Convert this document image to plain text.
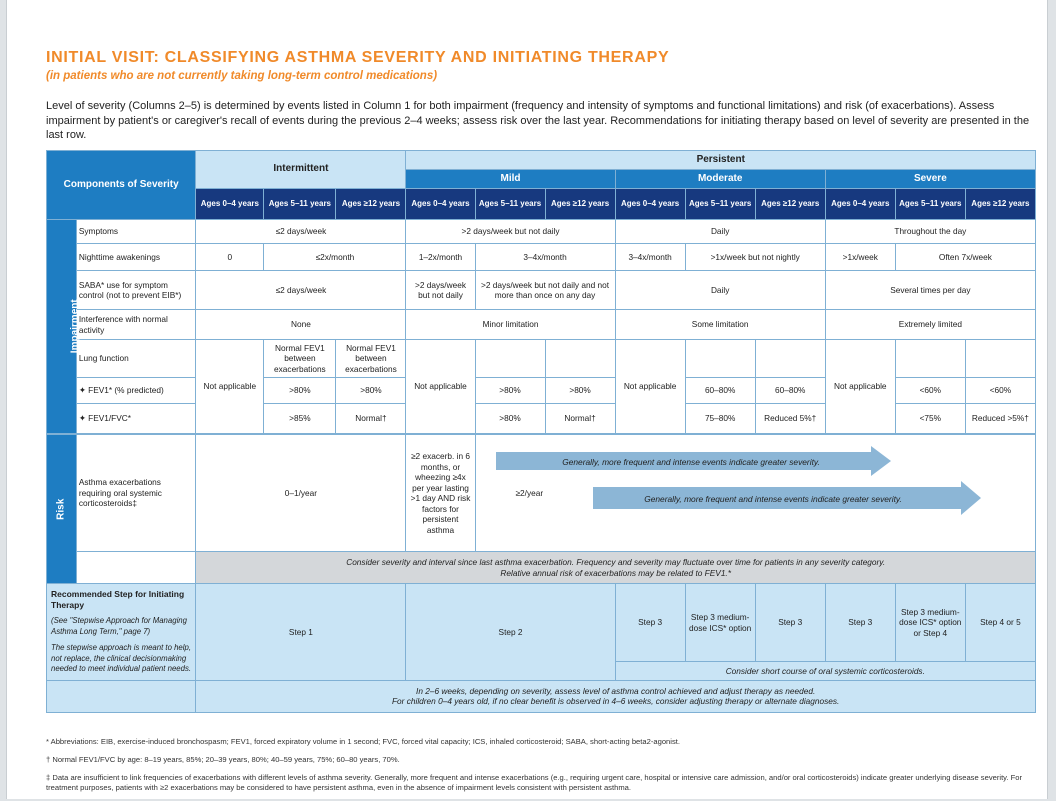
INITIAL VISIT: CLASSIFYING ASTHMA SEVERITY AND INITIATING THERAPY
(in patients who are not currently taking long-term control medications)
Level of severity (Columns 2–5) is determined by events listed in Column 1 for both impairment (frequency and intensity of symptoms and functional limitations) and risk (of exacerbations). Assess impairment by patient's or caregiver's recall of events during the previous 2–4 weeks; assess risk over the last year. Recommendations for initiating therapy based on level of severity are presented in the last row.
Components of Severity		Intermittent			Persistent								
					Mild			Moderate			Severe		
		Ages 0–4 years	Ages 5–11 years	Ages ≥12 years	Ages 0–4 years	Ages 5–11 years	Ages ≥12 years	Ages 0–4 years	Ages 5–11 years	Ages ≥12 years	Ages 0–4 years	Ages 5–11 years	Ages ≥12 years
Impairment	Symptoms	≤2 days/week			>2 days/week but not daily			Daily			Throughout the day		
	Nighttime awakenings	0	≤2x/month		1–2x/month	3–4x/month		3–4x/month	>1x/week but not nightly		>1x/week	Often 7x/week	
	SABA* use for symptom control (not to prevent EIB*)	≤2 days/week			>2 days/week but not daily	>2 days/week but not daily and not more than once on any day		Daily			Several times per day		
	Interference with normal activity	None			Minor limitation			Some limitation			Extremely limited		
	Lung function	Not applicable	Normal FEV1 between exacerbations	Normal FEV1 between exacerbations	Not applicable			Not applicable			Not applicable		
	✦ FEV1* (% predicted)		>80%	>80%		>80%	>80%		60–80%	60–80%		<60%	<60%
	✦ FEV1/FVC*		>85%	Normal†		>80%	Normal†		75–80%	Reduced 5%†		<75%	Reduced >5%†

Risk	Asthma exacerbations requiring oral systemic corticosteroids‡	0–1/year			≥2 exacerb. in 6 months, or wheezing ≥4x per year lasting >1 day AND risk factors for persistent asthma	≥2/year
Generally, more frequent and intense events indicate greater severity.
Generally, more frequent and intense events indicate greater severity.							

		Consider severity and interval since last asthma exacerbation. Frequency and severity may fluctuate over time for patients in any severity category.
Relative annual risk of exacerbations may be related to FEV1.*											

Recommended Step for Initiating Therapy
(See "Stepwise Approach for Managing Asthma Long Term," page 7)
The stepwise approach is meant to help, not replace, the clinical decisionmaking needed to meet individual patient needs.		Step 1			Step 2			Step 3	Step 3 medium-dose ICS* option	Step 3	Step 3	Step 3 medium-dose ICS* option or Step 4	Step 4 or 5
								Consider short course of oral systemic corticosteroids.					

		In 2–6 weeks, depending on severity, assess level of asthma control achieved and adjust therapy as needed.
For children 0–4 years old, if no clear benefit is observed in 4–6 weeks, consider adjusting therapy or alternate diagnoses.											
* Abbreviations: EIB, exercise-induced bronchospasm; FEV1, forced expiratory volume in 1 second; FVC, forced vital capacity; ICS, inhaled corticosteroid; SABA, short-acting beta2-agonist.
† Normal FEV1/FVC by age: 8–19 years, 85%; 20–39 years, 80%; 40–59 years, 75%; 60–80 years, 70%.
‡ Data are insufficient to link frequencies of exacerbations with different levels of asthma severity. Generally, more frequent and intense exacerbations (e.g., requiring urgent care, hospital or intensive care admission, and/or oral corticosteroids) indicate greater underlying disease severity. For treatment purposes, patients with ≥2 exacerbations may be considered to have persistent asthma, even in the absence of impairment levels consistent with persistent asthma.
